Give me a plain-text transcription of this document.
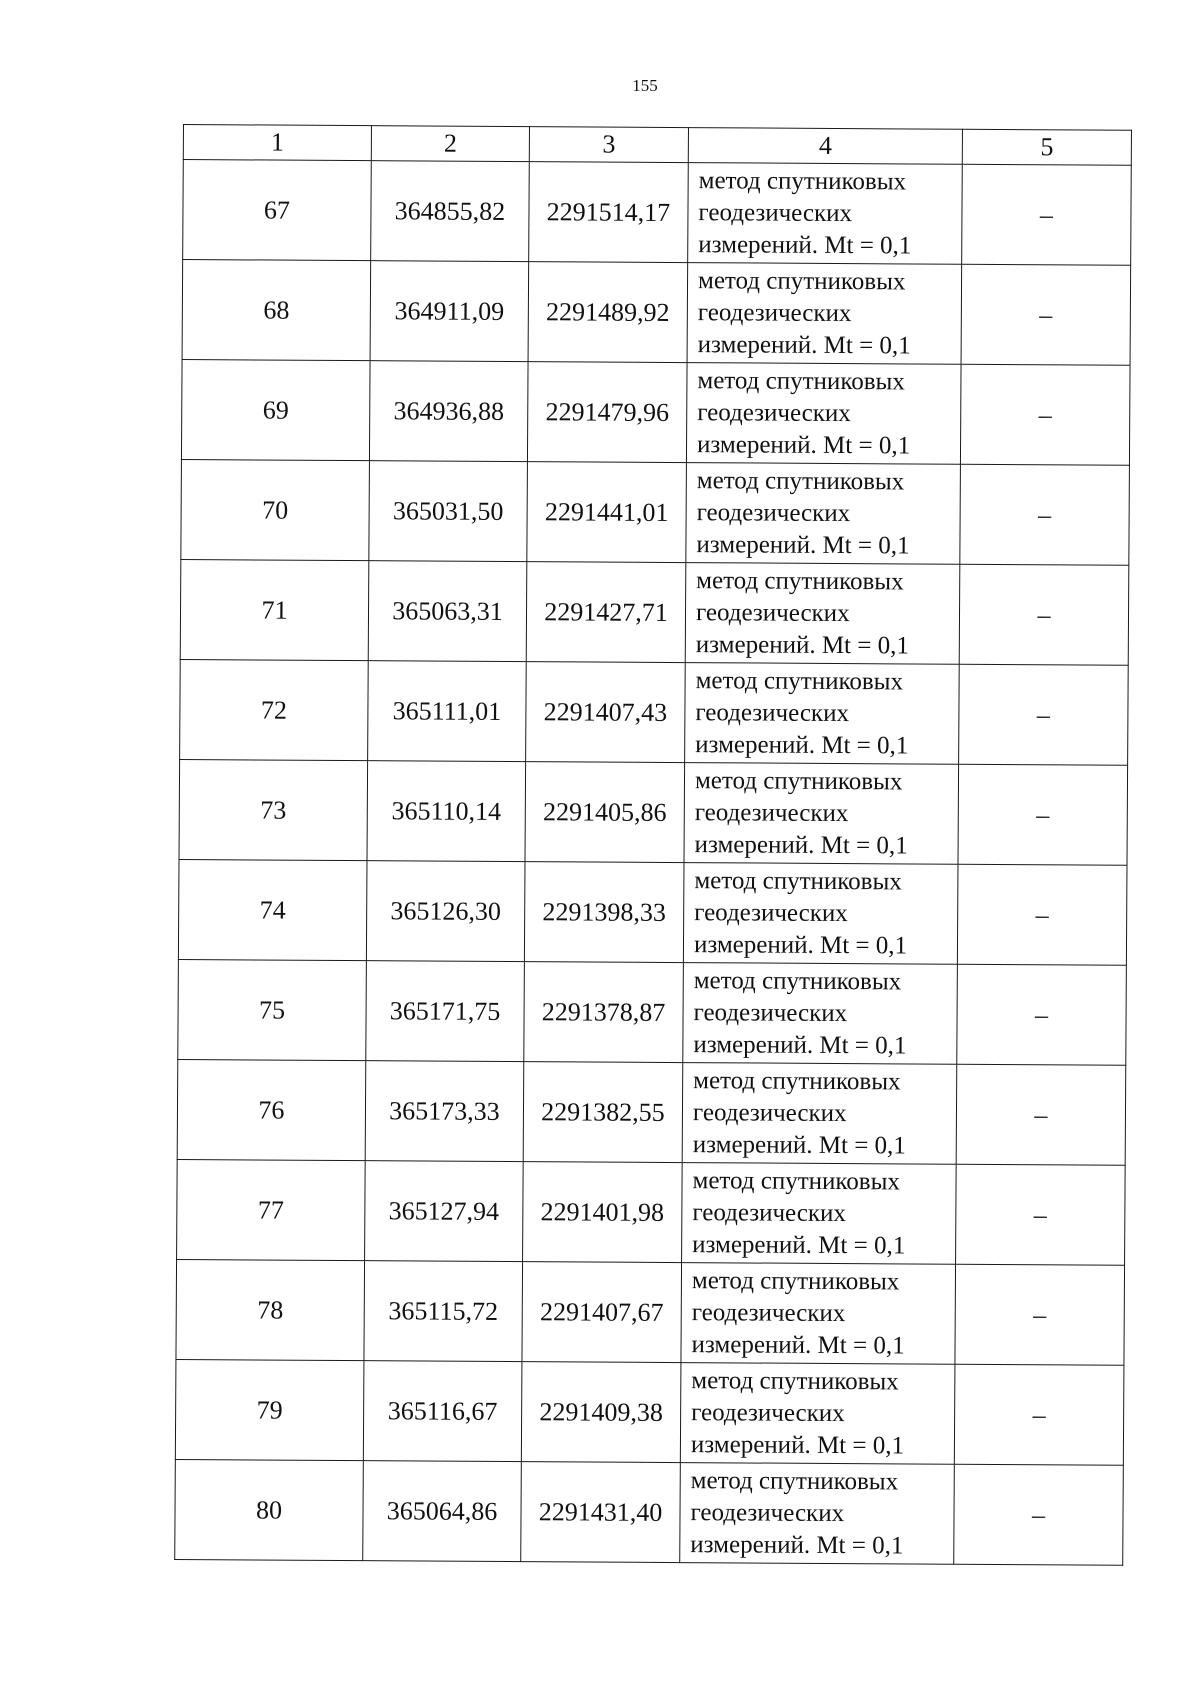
155
1	2	3	4	5
67	364855,82	2291514,17	метод спутниковых
геодезических
измерений. Mt = 0,1	–
68	364911,09	2291489,92	метод спутниковых
геодезических
измерений. Mt = 0,1	–
69	364936,88	2291479,96	метод спутниковых
геодезических
измерений. Mt = 0,1	–
70	365031,50	2291441,01	метод спутниковых
геодезических
измерений. Mt = 0,1	–
71	365063,31	2291427,71	метод спутниковых
геодезических
измерений. Mt = 0,1	–
72	365111,01	2291407,43	метод спутниковых
геодезических
измерений. Mt = 0,1	–
73	365110,14	2291405,86	метод спутниковых
геодезических
измерений. Mt = 0,1	–
74	365126,30	2291398,33	метод спутниковых
геодезических
измерений. Mt = 0,1	–
75	365171,75	2291378,87	метод спутниковых
геодезических
измерений. Mt = 0,1	–
76	365173,33	2291382,55	метод спутниковых
геодезических
измерений. Mt = 0,1	–
77	365127,94	2291401,98	метод спутниковых
геодезических
измерений. Mt = 0,1	–
78	365115,72	2291407,67	метод спутниковых
геодезических
измерений. Mt = 0,1	–
79	365116,67	2291409,38	метод спутниковых
геодезических
измерений. Mt = 0,1	–
80	365064,86	2291431,40	метод спутниковых
геодезических
измерений. Mt = 0,1	–
